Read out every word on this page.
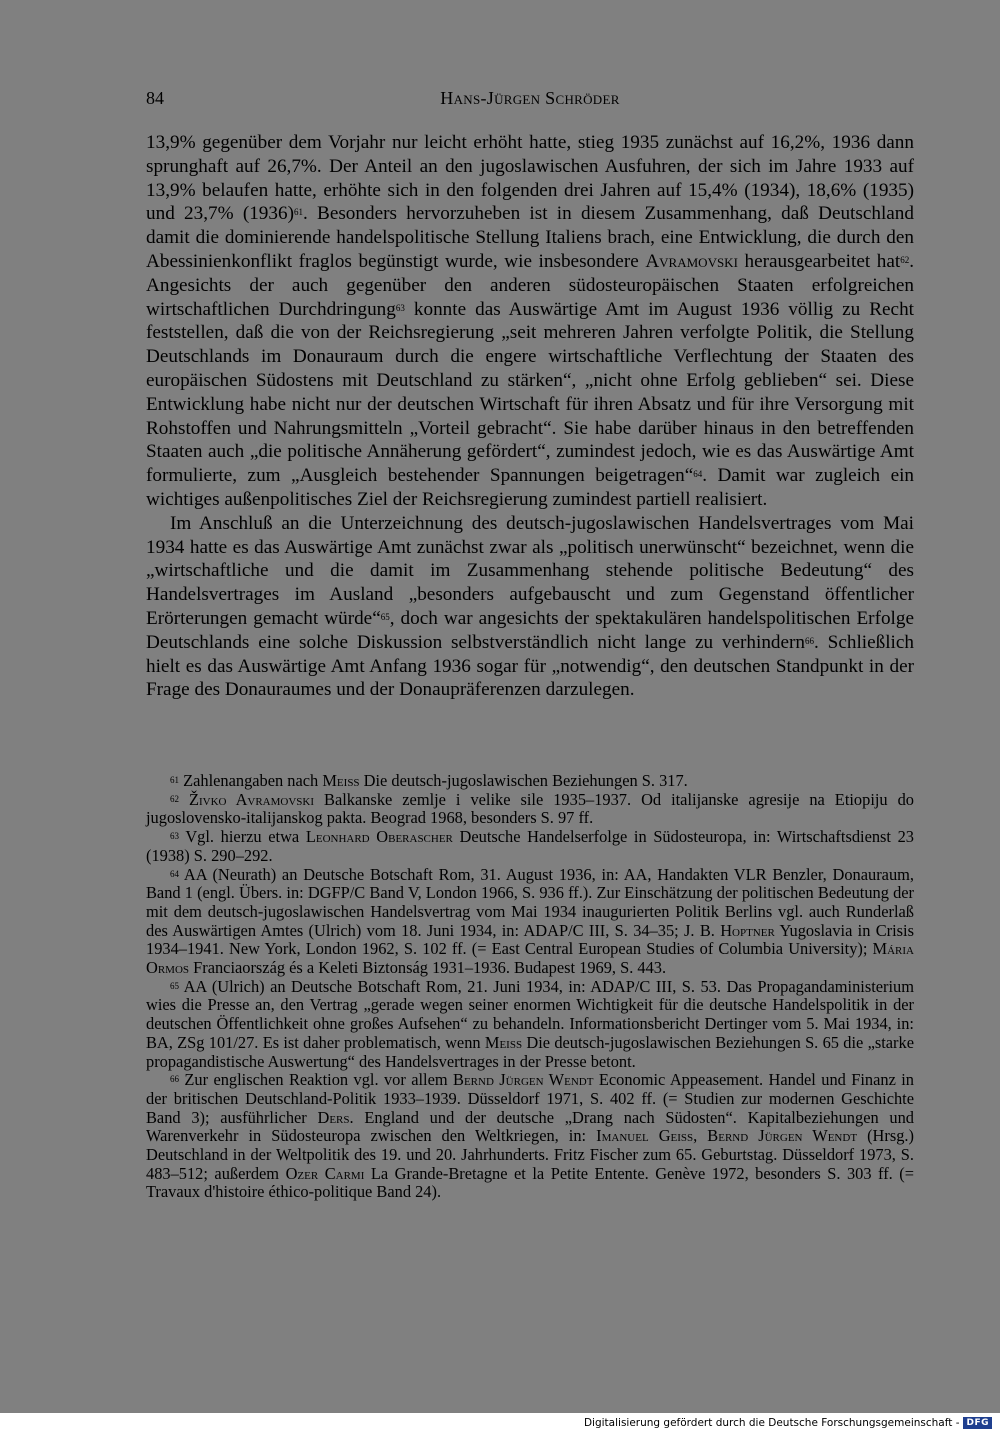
84	Hans-Jürgen Schröder

13,9% gegenüber dem Vorjahr nur leicht erhöht hatte, stieg 1935 zunächst auf 16,2%, 1936 dann sprunghaft auf 26,7%. Der Anteil an den jugoslawischen Ausfuhren, der sich im Jahre 1933 auf 13,9% belaufen hatte, erhöhte sich in den folgenden drei Jahren auf 15,4% (1934), 18,6% (1935) und 23,7% $(1936)^{61}$. Besonders hervorzuheben ist in diesem Zusammenhang, daß Deutschland damit die dominierende handelspolitische Stellung Italiens brach, eine Entwicklung, die durch den Abessinienkonflikt fraglos begünstigt wurde, wie insbesondere Avramovski herausgearbeitet hat$^{62}$. Angesichts der auch gegenüber den anderen südosteuropäischen Staaten erfolgreichen wirtschaftlichen Durchdringung$^{63}$ konnte das Auswärtige Amt im August 1936 völlig zu Recht feststellen, daß die von der Reichsregierung „seit mehreren Jahren verfolgte Politik, die Stellung Deutschlands im Donauraum durch die engere wirtschaftliche Verflechtung der Staaten des europäischen Südostens mit Deutschland zu stärken“, „nicht ohne Erfolg geblieben“ sei. Diese Entwicklung habe nicht nur der deutschen Wirtschaft für ihren Absatz und für ihre Versorgung mit Rohstoffen und Nahrungsmitteln „Vorteil gebracht“. Sie habe darüber hinaus in den betreffenden Staaten auch „die politische Annäherung gefördert“, zumindest jedoch, wie es das Auswärtige Amt formulierte, zum „Ausgleich bestehender Spannungen beigetragen“$^{64}$. Damit war zugleich ein wichtiges außenpolitisches Ziel der Reichsregierung zumindest partiell realisiert.

Im Anschluß an die Unterzeichnung des deutsch-jugoslawischen Handelsvertrages vom Mai 1934 hatte es das Auswärtige Amt zunächst zwar als „politisch unerwünscht“ bezeichnet, wenn die „wirtschaftliche und die damit im Zusammenhang stehende politische Bedeutung“ des Handelsvertrages im Ausland „besonders aufgebauscht und zum Gegenstand öffentlicher Erörterungen gemacht würde“$^{65}$, doch war angesichts der spektakulären handelspolitischen Erfolge Deutschlands eine solche Diskussion selbstverständlich nicht lange zu verhindern$^{66}$. Schließlich hielt es das Auswärtige Amt Anfang 1936 sogar für „notwendig“, den deutschen Standpunkt in der Frage des Donauraumes und der Donaupräferenzen darzulegen.

$^{61}$ Zahlenangaben nach Meiss Die deutsch-jugoslawischen Beziehungen S. 317.

$^{62}$ Živko Avramovski Balkanske zemlje i velike sile 1935–1937. Od italijanske agresije na Etiopiju do jugoslovensko-italijanskog pakta. Beograd 1968, besonders S. 97 ff.

$^{63}$ Vgl. hierzu etwa Leonhard Oberascher Deutsche Handelserfolge in Südosteuropa, in: Wirtschaftsdienst 23 (1938) S. 290–292.

$^{64}$ AA (Neurath) an Deutsche Botschaft Rom, 31. August 1936, in: AA, Handakten VLR Benzler, Donauraum, Band 1 (engl. Übers. in: DGFP/C Band V, London 1966, S. 936 ff.). Zur Einschätzung der politischen Bedeutung der mit dem deutsch-jugoslawischen Handelsvertrag vom Mai 1934 inaugurierten Politik Berlins vgl. auch Runderlaß des Auswärtigen Amtes (Ulrich) vom 18. Juni 1934, in: ADAP/C III, S. 34–35; J. B. Hoptner Yugoslavia in Crisis 1934–1941. New York, London 1962, S. 102 ff. (= East Central European Studies of Columbia University); Mária Ormos Franciaország és a Keleti Biztonság 1931–1936. Budapest 1969, S. 443.

$^{65}$ AA (Ulrich) an Deutsche Botschaft Rom, 21. Juni 1934, in: ADAP/C III, S. 53. Das Propagandaministerium wies die Presse an, den Vertrag „gerade wegen seiner enormen Wichtigkeit für die deutsche Handelspolitik in der deutschen Öffentlichkeit ohne großes Aufsehen“ zu behandeln. Informationsbericht Dertinger vom 5. Mai 1934, in: BA, ZSg 101/27. Es ist daher problematisch, wenn Meiss Die deutsch-jugoslawischen Beziehungen S. 65 die „starke propagandistische Auswertung“ des Handelsvertrages in der Presse betont.

$^{66}$ Zur englischen Reaktion vgl. vor allem Bernd Jürgen Wendt Economic Appeasement. Handel und Finanz in der britischen Deutschland-Politik 1933–1939. Düsseldorf 1971, S. 402 ff. (= Studien zur modernen Geschichte Band 3); ausführlicher Ders. England und der deutsche „Drang nach Südosten“. Kapitalbeziehungen und Warenverkehr in Südosteuropa zwischen den Weltkriegen, in: Imanuel Geiss, Bernd Jürgen Wendt (Hrsg.) Deutschland in der Weltpolitik des 19. und 20. Jahrhunderts. Fritz Fischer zum 65. Geburtstag. Düsseldorf 1973, S. 483–512; außerdem Ozer Carmi La Grande-Bretagne et la Petite Entente. Genève 1972, besonders S. 303 ff. (= Travaux d'histoire éthico-politique Band 24).

Digitalisierung gefördert durch die Deutsche Forschungsgemeinschaft - DFG
